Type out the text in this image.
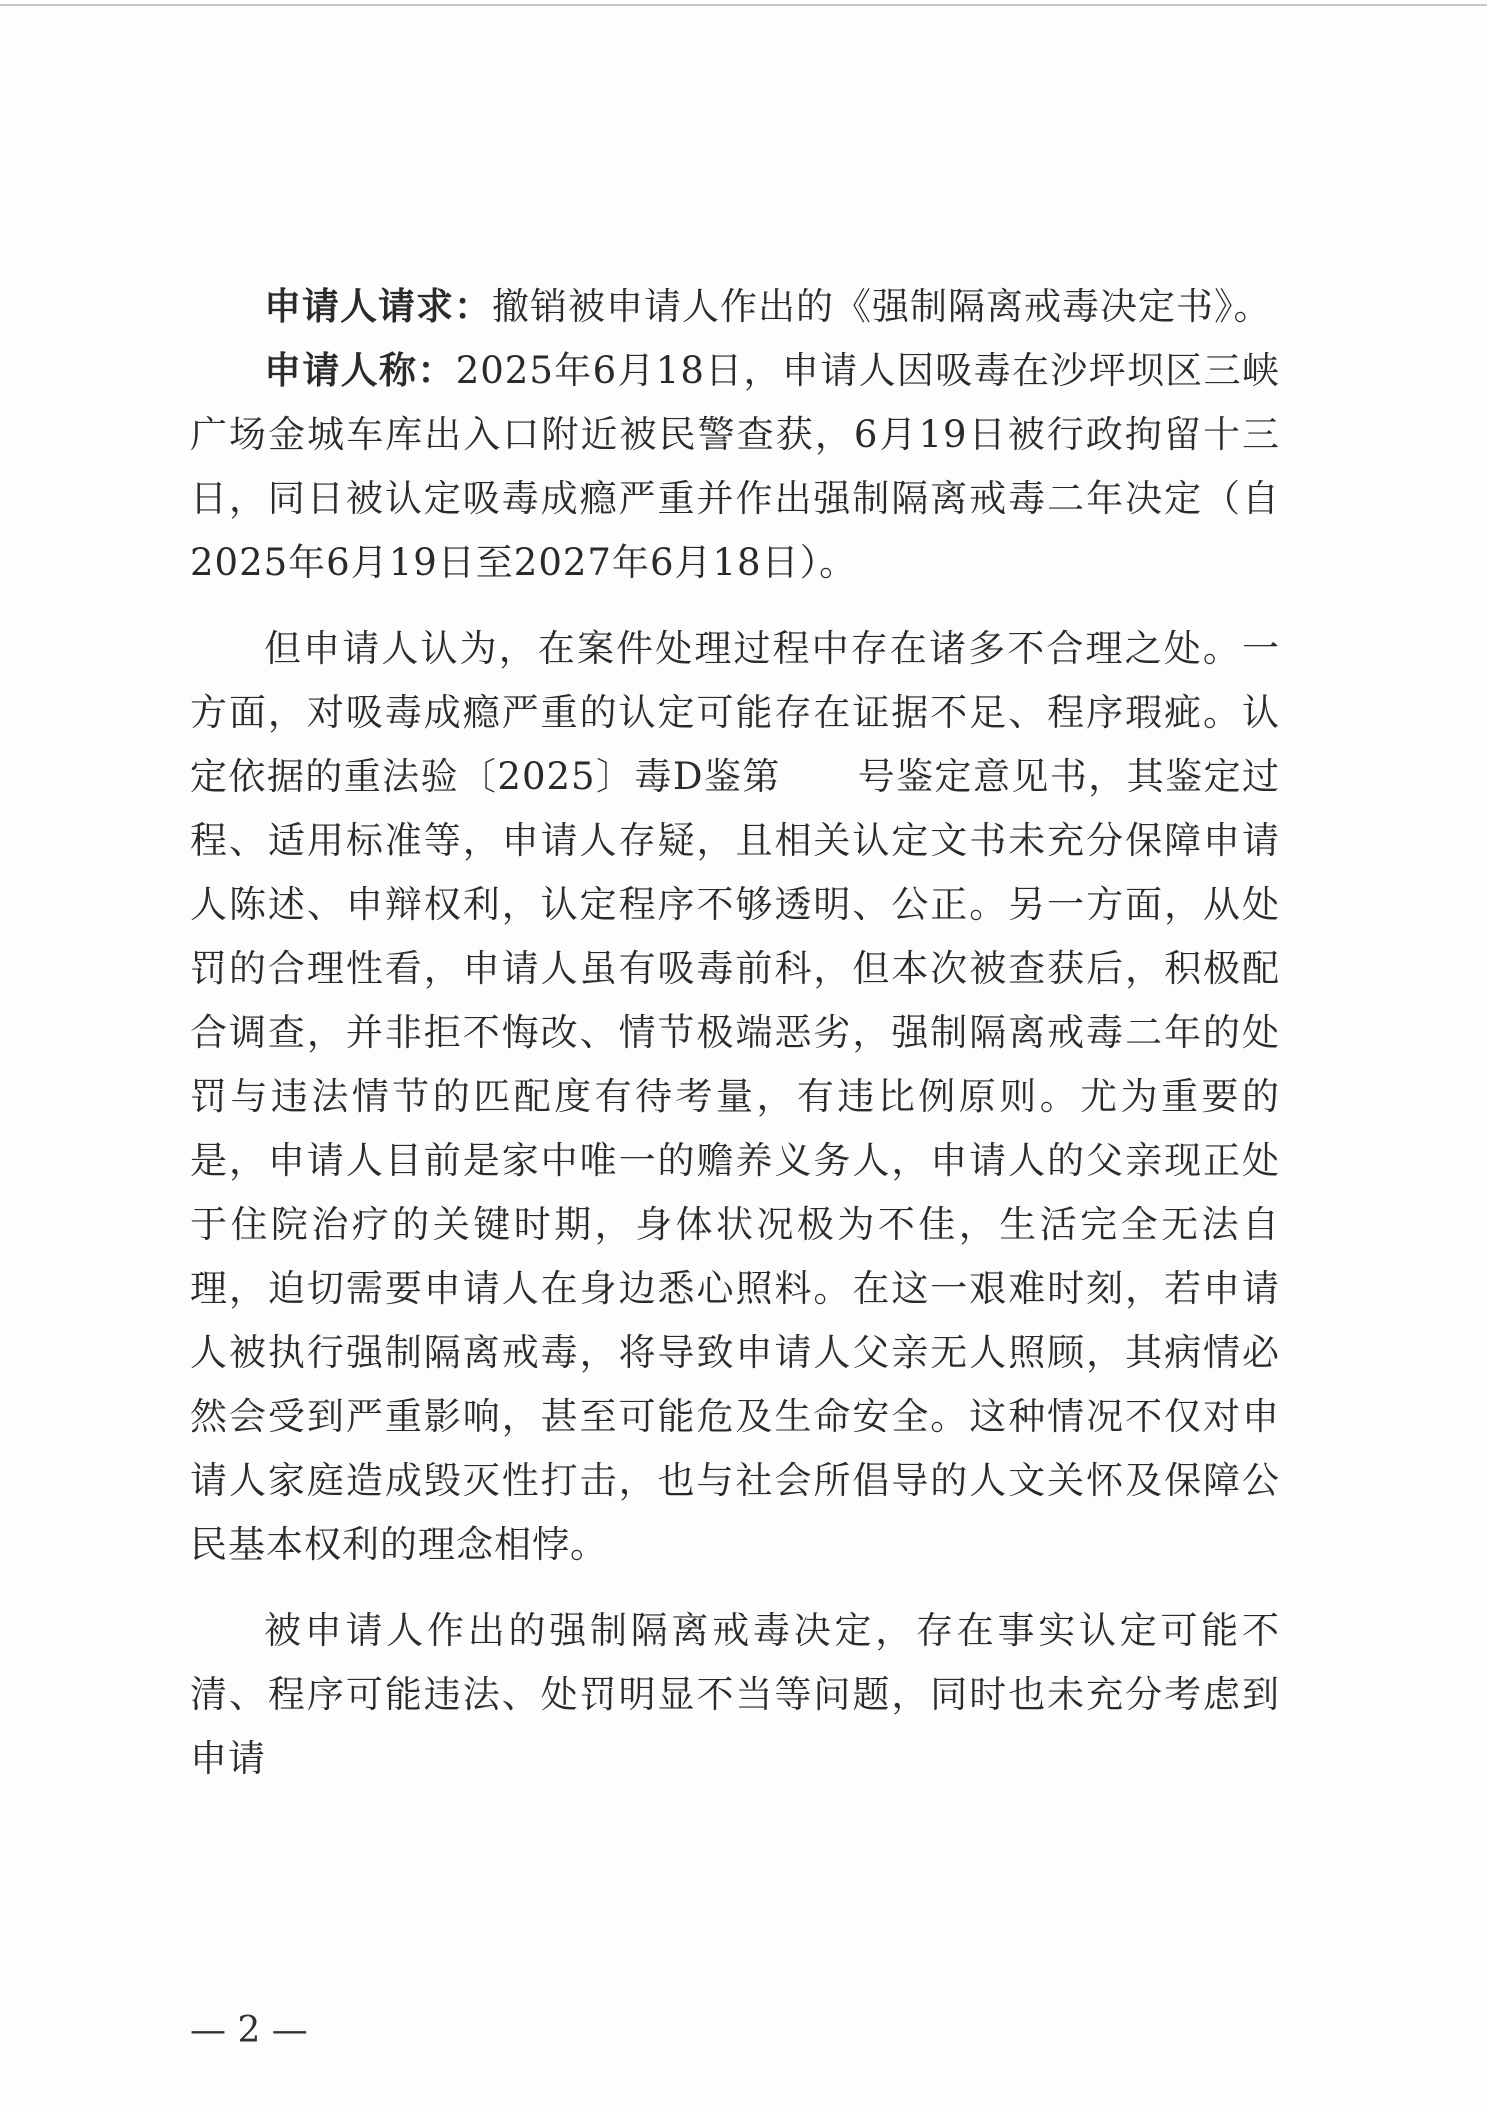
申请人请求：撤销被申请人作出的《强制隔离戒毒决定书》。

申请人称：2025年6月18日，申请人因吸毒在沙坪坝区三峡广场金城车库出入口附近被民警查获，6月19日被行政拘留十三日，同日被认定吸毒成瘾严重并作出强制隔离戒毒二年决定（自2025年6月19日至2027年6月18日）。

但申请人认为，在案件处理过程中存在诸多不合理之处。一方面，对吸毒成瘾严重的认定可能存在证据不足、程序瑕疵。认定依据的重法验〔2025〕毒D鉴第　　号鉴定意见书，其鉴定过程、适用标准等，申请人存疑，且相关认定文书未充分保障申请人陈述、申辩权利，认定程序不够透明、公正。另一方面，从处罚的合理性看，申请人虽有吸毒前科，但本次被查获后，积极配合调查，并非拒不悔改、情节极端恶劣，强制隔离戒毒二年的处罚与违法情节的匹配度有待考量，有违比例原则。尤为重要的是，申请人目前是家中唯一的赡养义务人，申请人的父亲现正处于住院治疗的关键时期，身体状况极为不佳，生活完全无法自理，迫切需要申请人在身边悉心照料。在这一艰难时刻，若申请人被执行强制隔离戒毒，将导致申请人父亲无人照顾，其病情必然会受到严重影响，甚至可能危及生命安全。这种情况不仅对申请人家庭造成毁灭性打击，也与社会所倡导的人文关怀及保障公民基本权利的理念相悖。

被申请人作出的强制隔离戒毒决定，存在事实认定可能不清、程序可能违法、处罚明显不当等问题，同时也未充分考虑到申请

— 2 —
